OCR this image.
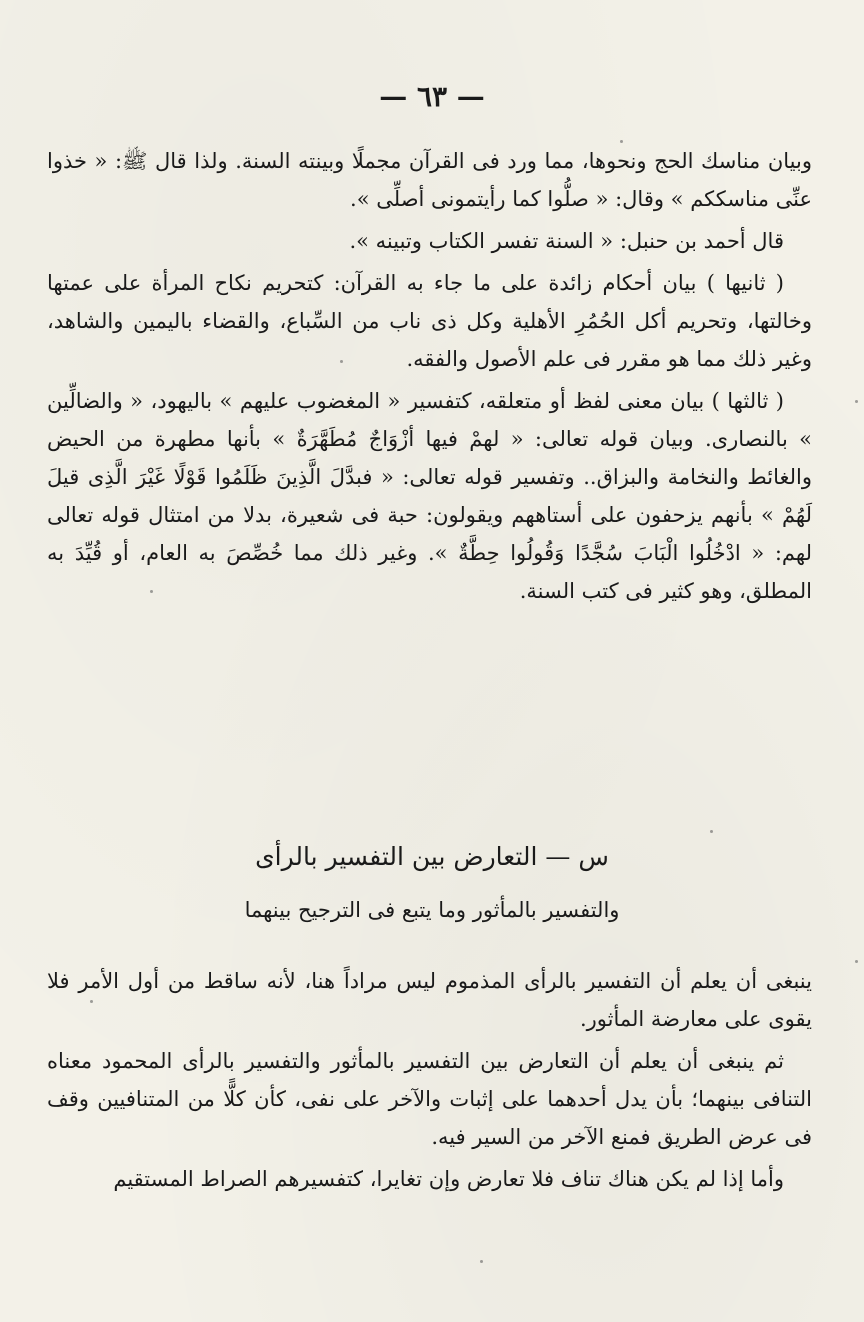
— ٦٣ —

وبيان مناسك الحج ونحوها، مما ورد فى القرآن مجملًا وبينته السنة. ولذا قال ﷺ: « خذوا عنِّى مناسككم » وقال: « صلُّوا كما رأيتمونى أصلِّى ».

قال أحمد بن حنبل: « السنة تفسر الكتاب وتبينه ».

( ثانيها ) بيان أحكام زائدة على ما جاء به القرآن: كتحريم نكاح المرأة على عمتها وخالتها، وتحريم أكل الحُمُرِ الأهلية وكل ذى ناب من السِّباع، والقضاء باليمين والشاهد، وغير ذلك مما هو مقرر فى علم الأصول والفقه.

( ثالثها ) بيان معنى لفظ أو متعلقه، كتفسير « المغضوب عليهم » باليهود، « والضالِّين » بالنصارى. وبيان قوله تعالى: « لهمْ فيها أزْوَاجٌ مُطَهَّرَةٌ » بأنها مطهرة من الحيض والغائط والنخامة والبزاق.. وتفسير قوله تعالى: « فبدَّلَ الَّذِينَ ظَلَمُوا قَوْلًا غَيْرَ الَّذِى قيلَ لَهُمْ » بأنهم يزحفون على أستاههم ويقولون: حبة فى شعيرة، بدلا من امتثال قوله تعالى لهم: « ادْخُلُوا الْبَابَ سُجَّدًا وَقُولُوا حِطَّةٌ ». وغير ذلك مما خُصِّصَ به العام، أو قُيِّدَ به المطلق، وهو كثير فى كتب السنة.

س — التعارض بين التفسير بالرأى
والتفسير بالمأثور وما يتبع فى الترجيح بينهما

ينبغى أن يعلم أن التفسير بالرأى المذموم ليس مراداً هنا، لأنه ساقط من أول الأمر فلا يقوى على معارضة المأثور.

ثم ينبغى أن يعلم أن التعارض بين التفسير بالمأثور والتفسير بالرأى المحمود معناه التنافى بينهما؛ بأن يدل أحدهما على إثبات والآخر على نفى، كأن كلًّا من المتنافيين وقف فى عرض الطريق فمنع الآخر من السير فيه.

وأما إذا لم يكن هناك تناف فلا تعارض وإن تغايرا، كتفسيرهم الصراط المستقيم
